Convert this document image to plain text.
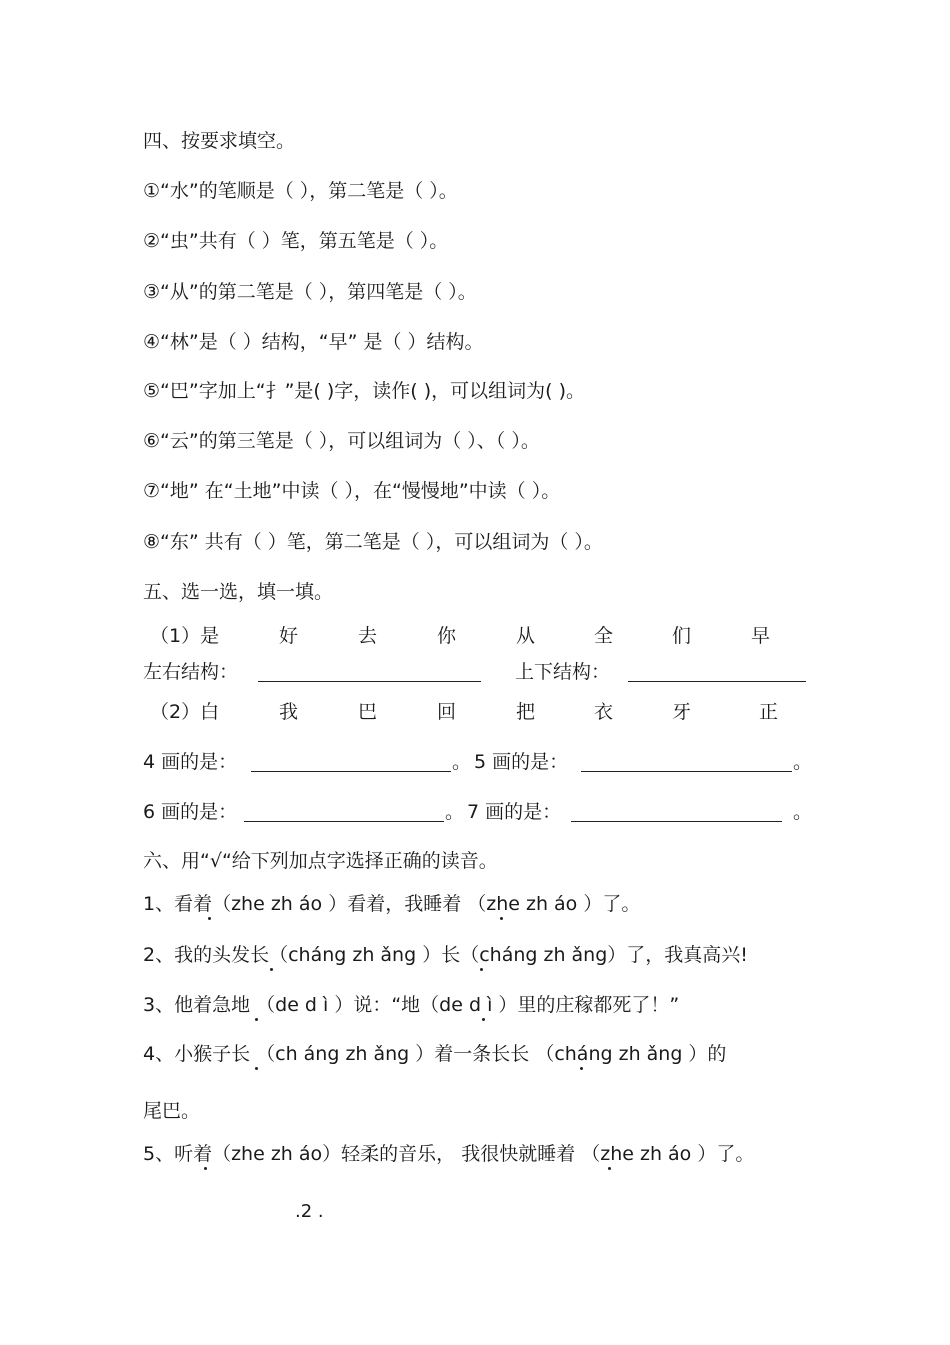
四、按要求填空。
①“水”的笔顺是（ ），第二笔是（ ）。
②“虫”共有（ ）笔，第五笔是（ ）。
③“从”的第二笔是（ ），第四笔是（ ）。
④“林”是（ ）结构，“早” 是（ ）结构。
⑤“巴”字加上“扌”是( )字，读作( )，可以组词为( )。
⑥“云”的第三笔是（ ），可以组词为（ ）、（ ）。
⑦“地” 在“土地”中读（ ），在“慢慢地”中读（ ）。
⑧“东” 共有（ ）笔，第二笔是（ ），可以组词为（ ）。
五、选一选，填一填。
（1）是	好	去	你	从	全	们	早
左右结构：	上下结构：
（2）白	我	巴	回	把	衣	牙	正
4 画的是：	。 5 画的是：	。
6 画的是：	。 7 画的是：	。
六、用“√“给下列加点字选择正确的读音。
1、看着（zhe zh áo ）看着，我睡着 （zhe zh áo ）了。
2、我的头发长（cháng zh ǎng ）长（cháng zh ǎng）了，我真高兴!
3、他着急地 （de d ì ）说：“地（de d ì ）里的庄稼都死了！”
4、小猴子长 （ch áng zh ǎng ）着一条长长 （cháng zh ǎng ）的
尾巴。
5、听着（zhe zh áo）轻柔的音乐， 我很快就睡着 （zhe zh áo ）了。
.2 .
